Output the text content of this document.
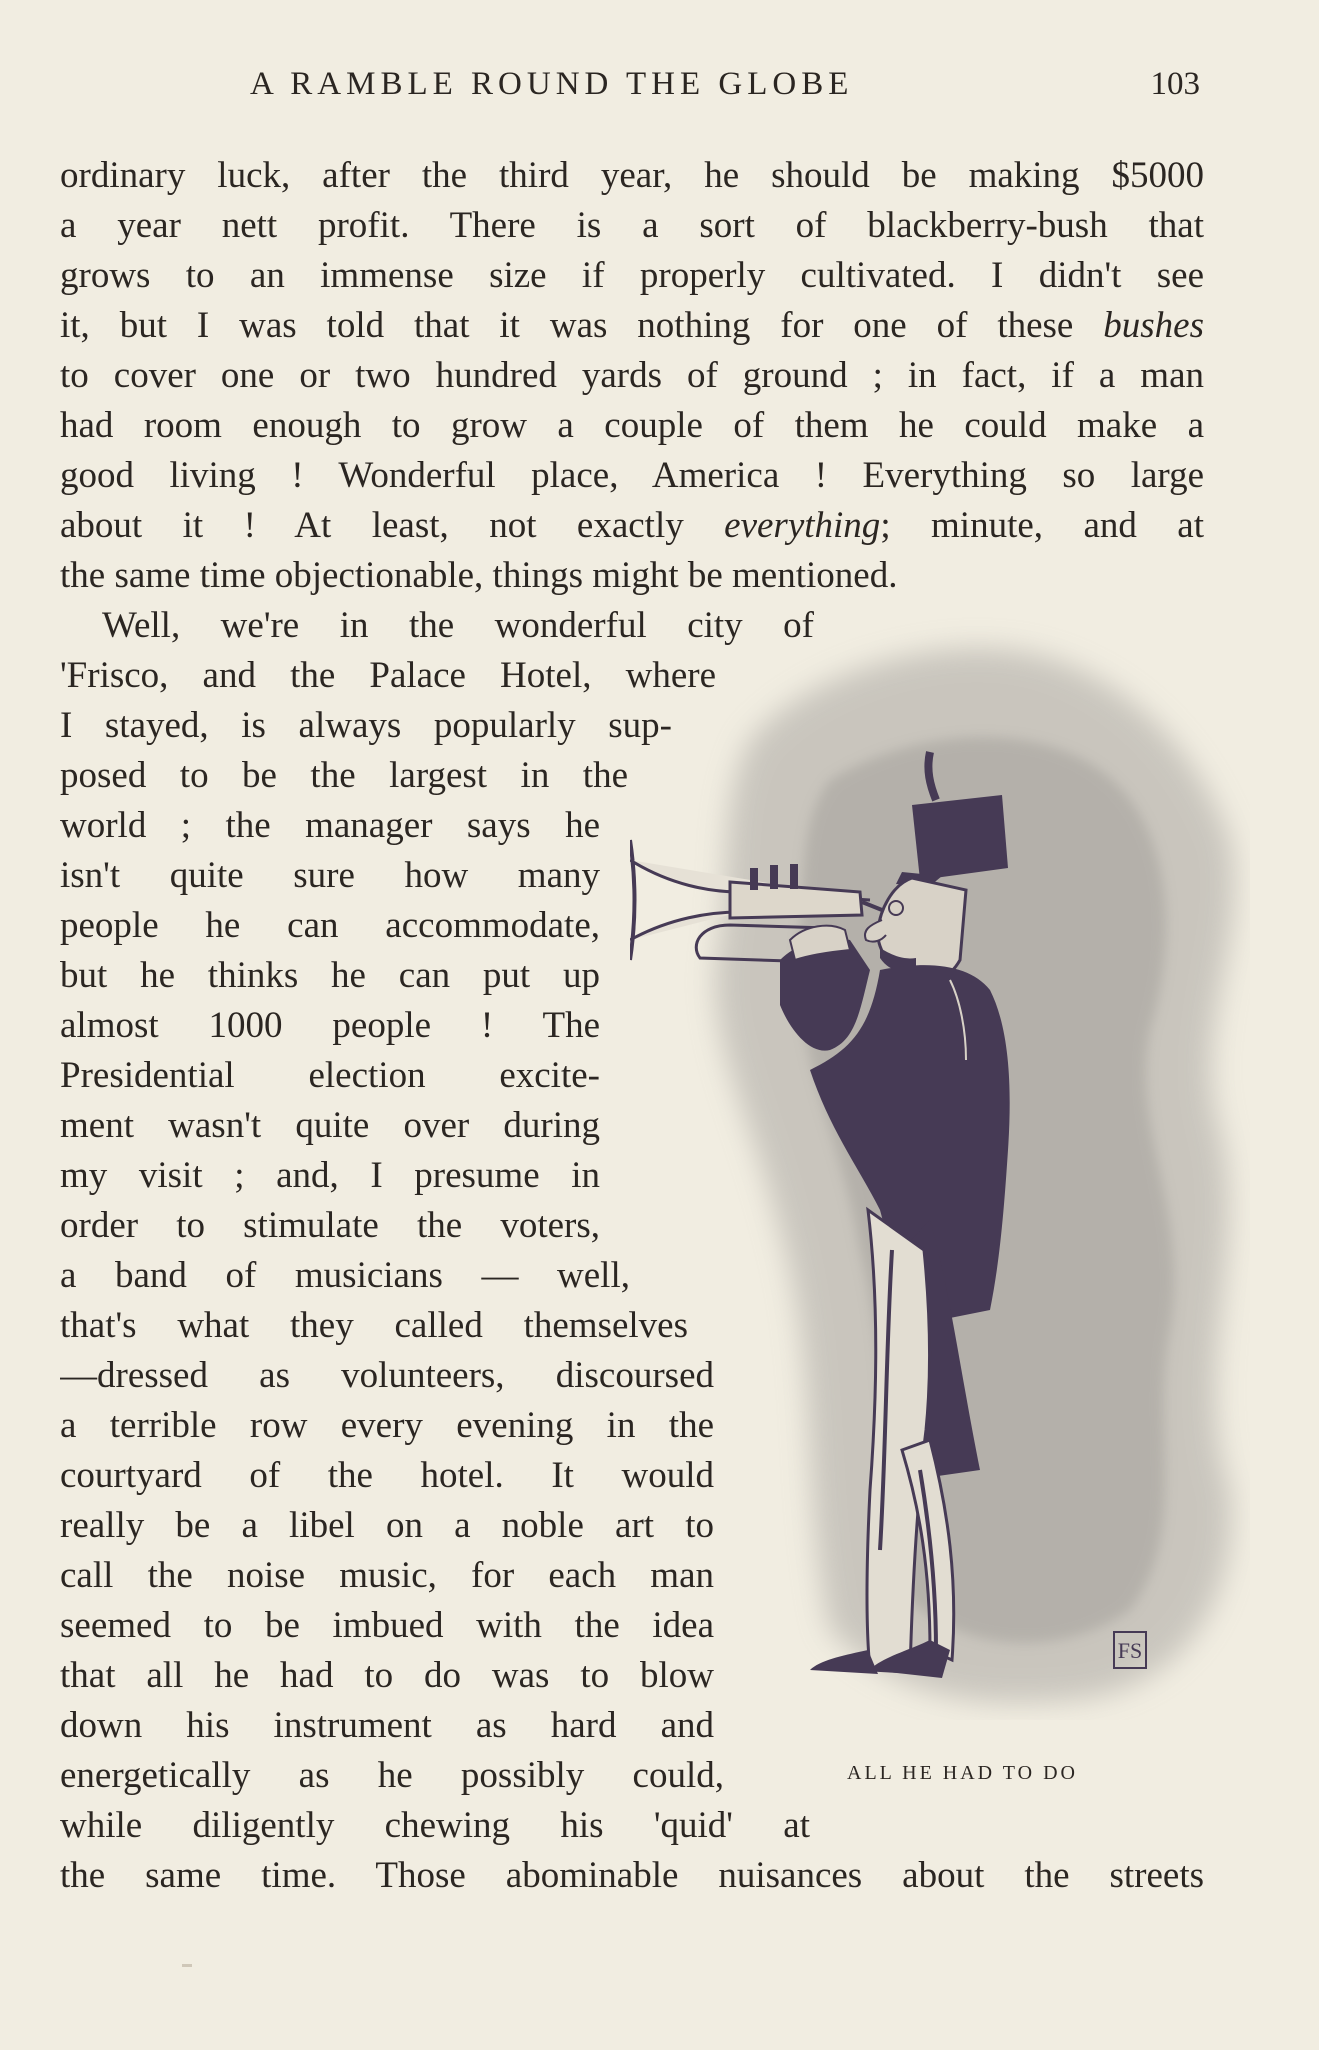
A RAMBLE ROUND THE GLOBE	103
ordinary luck, after the third year, he should be making $5000
a year nett profit. There is a sort of blackberry-bush that
grows to an immense size if properly cultivated. I didn't see
it, but I was told that it was nothing for one of these bushes
to cover one or two hundred yards of ground ; in fact, if a man
had room enough to grow a couple of them he could make a
good living ! Wonderful place, America ! Everything so large
about it ! At least, not exactly everything; minute, and at
the same time objectionable, things might be mentioned.
Well, we're in the wonderful city of
'Frisco, and the Palace Hotel, where
I stayed, is always popularly sup-
posed to be the largest in the
world ; the manager says he
isn't quite sure how many
people he can accommodate,
but he thinks he can put up
almost 1000 people ! The
Presidential election excite-
ment wasn't quite over during
my visit ; and, I presume in
order to stimulate the voters,
a band of musicians — well,
that's what they called themselves
—dressed as volunteers, discoursed
a terrible row every evening in the
courtyard of the hotel. It would
really be a libel on a noble art to
call the noise music, for each man
seemed to be imbued with the idea
that all he had to do was to blow
down his instrument as hard and
energetically as he possibly could,
while diligently chewing his 'quid' at
the same time. Those abominable nuisances about the streets
FS
ALL HE HAD TO DO
